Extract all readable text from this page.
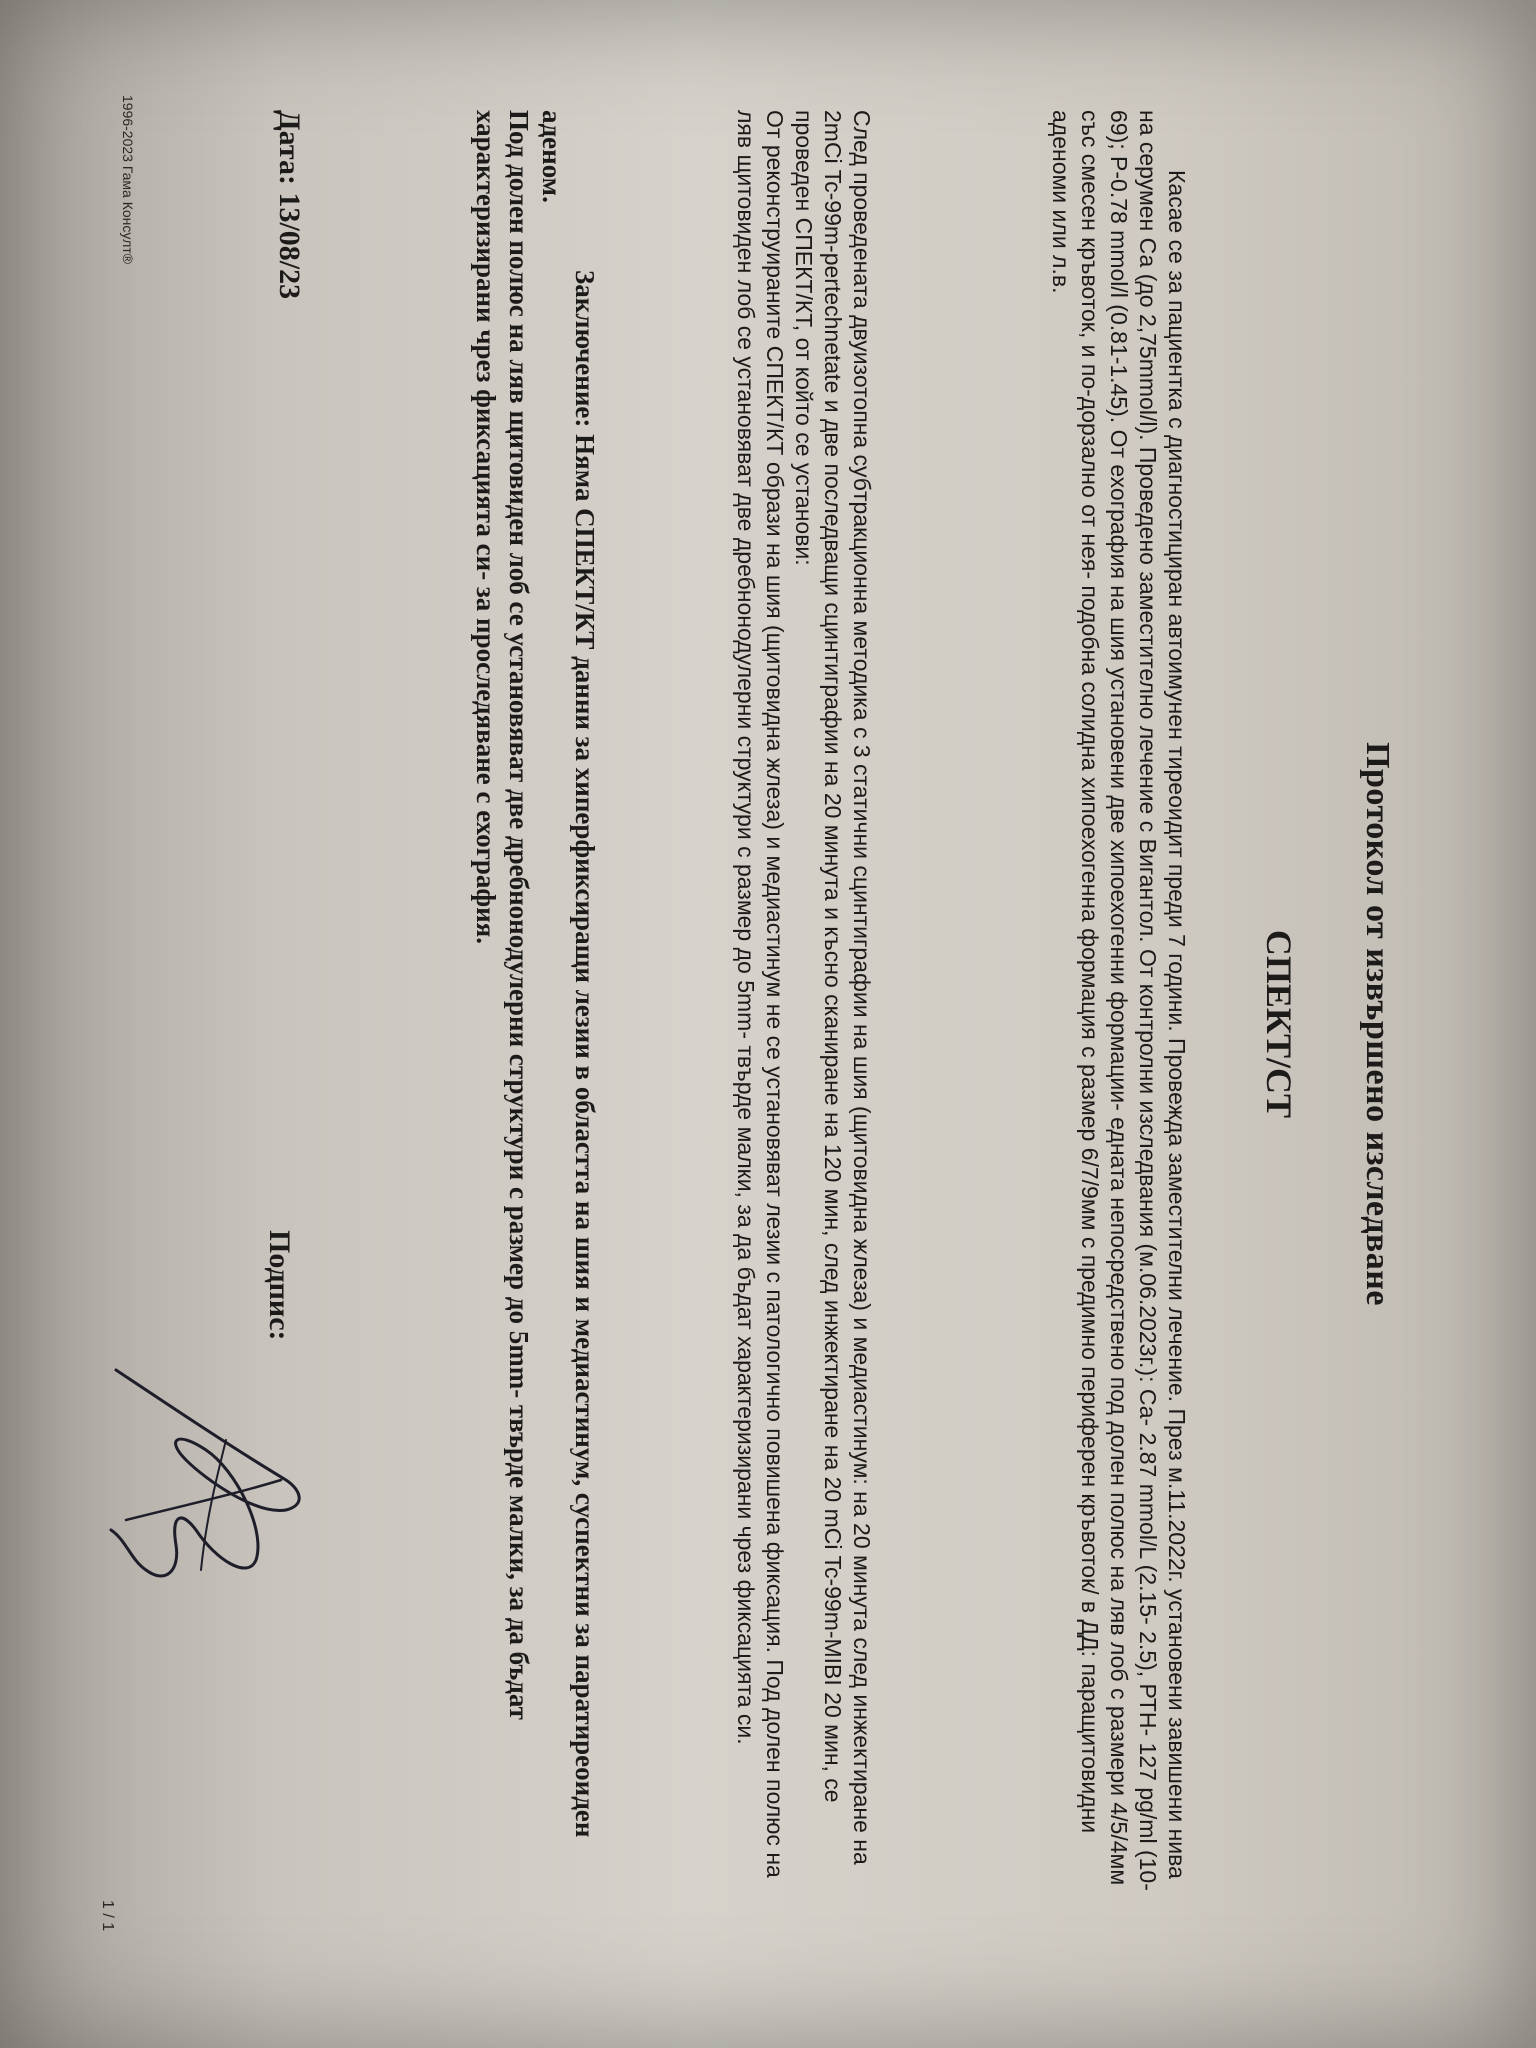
Протокол от извършено изследване
СПЕКТ/СТ

Касае се за пациентка с диагностициран автоимунен тиреоидит преди 7 години. Провежда заместителни лечение. През м.11.2022г. установени завишени нива на серумен Са (до 2,75mmol/l). Проведено заместително лечение с Вигантол. От контролни изследвания (м.06.2023г.): Са- 2.87 mmol/L (2.15- 2.5), РТН- 127 pg/ml (10-69); Р-0.78 mmol/l (0.81-1.45). От ехография на шия установени две хипоехогенни формации- едната непосредствено под долен полюс на ляв лоб с размери 4/5/4мм със смесен кръвоток, и по-дорзално от нея- подобна солидна хипоехогенна формация с размер 6/7/9мм с предимно периферен кръвоток/ в ДД: паращитовидни аденоми или л.в.

След проведената двуизотопна субтракционна методика с 3 статични сцинтиграфии на шия (щитовидна жлеза) и медиастинум: на 20 минута след инжектиране на 2mCi Tc-99m-pertechnetate и две последващи сцинтиграфии на 20 минута и късно сканиране на 120 мин, след инжектиране на 20 mCi Tc-99m-MIBI 20 мин, се проведен СПЕКТ/КТ, от който се установи:
От реконструираните СПЕКТ/КТ образи на шия (щитовидна жлеза) и медиастинум не се установяват лезии с патологично повишена фиксация. Под долен полюс на ляв щитовиден лоб се установяват две дребнонодулерни структури с размер до 5mm- твърде малки, за да бъдат характеризирани чрез фиксацията си.
Заключение: Няма СПЕКТ/КТ данни за хиперфиксиращи лезии в областта на шия и медиастинум, суспектни за паратиреоиден аденом.
Под долен полюс на ляв щитовиден лоб се установяват две дребнонодулерни структури с размер до 5mm- твърде малки, за да бъдат характеризирани чрез фиксацията си- за проследяване с ехография.
Дата: 13/08/23
Подпис:
1996-2023 Гама Консулт®
1 / 1
